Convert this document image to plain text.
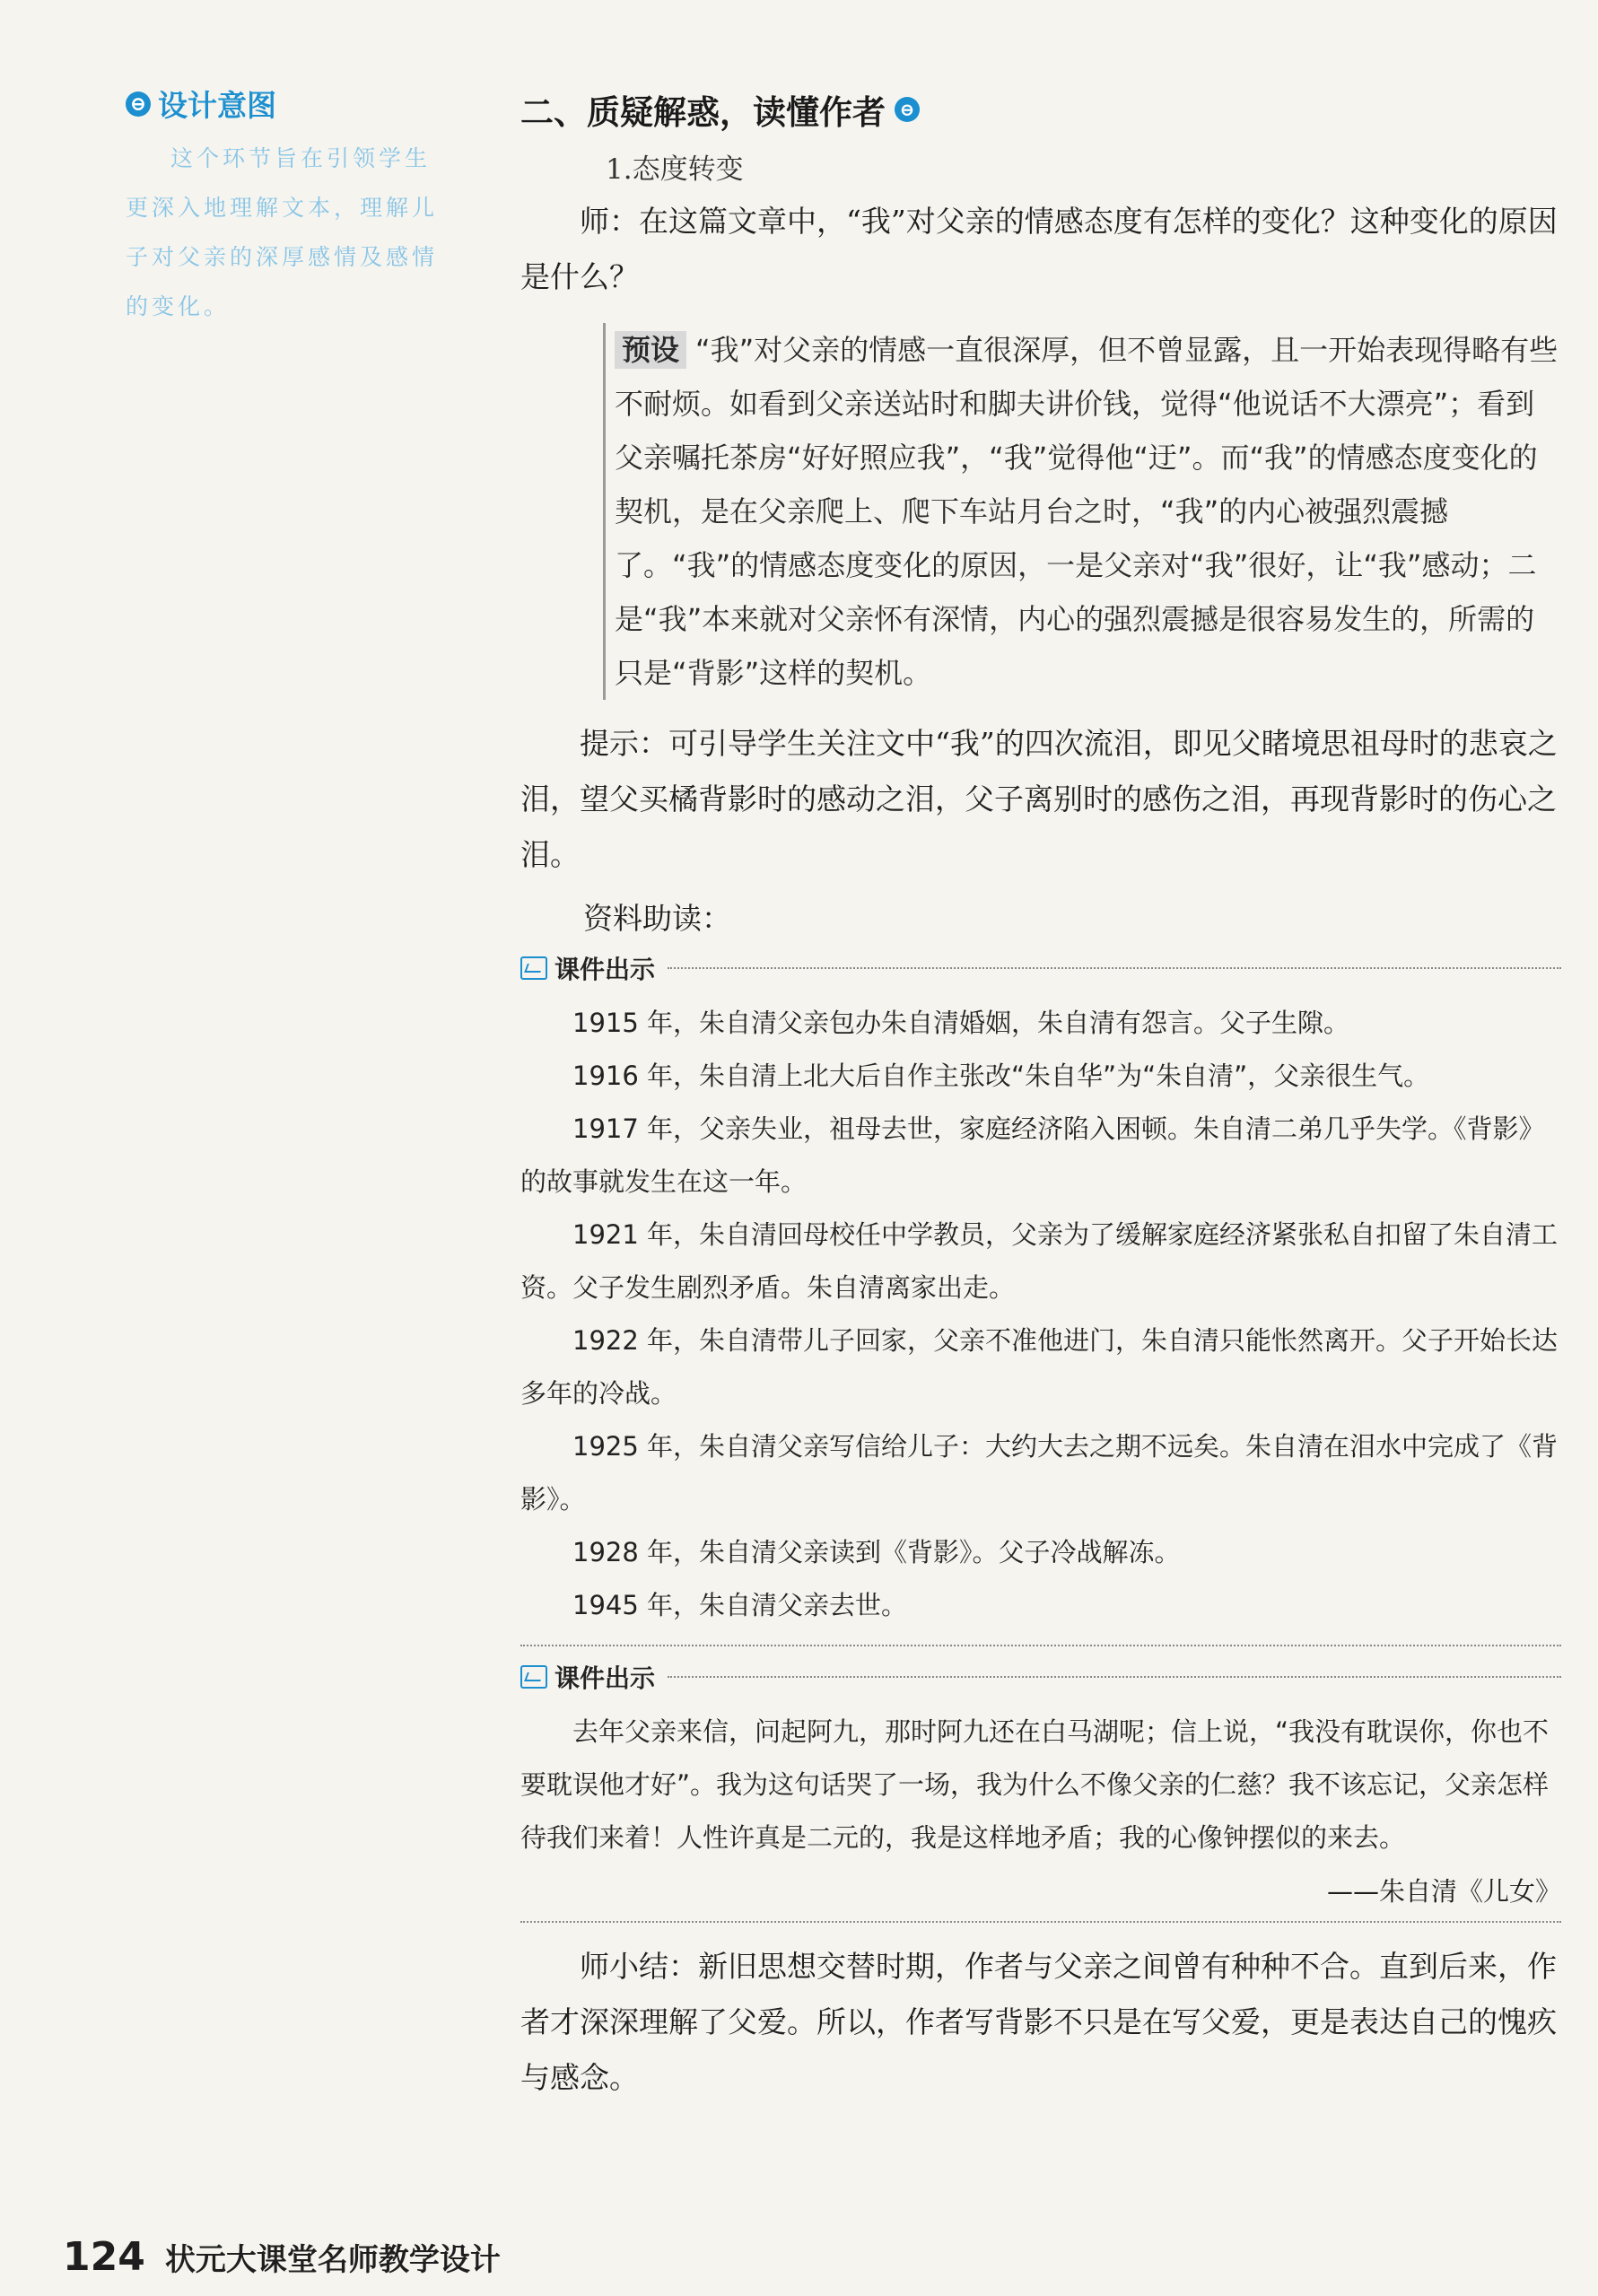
⊖ 设计意图
这个环节旨在引领学生更深入地理解文本，理解儿子对父亲的深厚感情及感情的变化。
二、质疑解惑，读懂作者 ⊖
1.态度转变

师：在这篇文章中，“我”对父亲的情感态度有怎样的变化？这种变化的原因是什么？

预设 “我”对父亲的情感一直很深厚，但不曾显露，且一开始表现得略有些不耐烦。如看到父亲送站时和脚夫讲价钱，觉得“他说话不大漂亮”；看到父亲嘱托茶房“好好照应我”，“我”觉得他“迂”。而“我”的情感态度变化的契机，是在父亲爬上、爬下车站月台之时，“我”的内心被强烈震撼了。“我”的情感态度变化的原因，一是父亲对“我”很好，让“我”感动；二是“我”本来就对父亲怀有深情，内心的强烈震撼是很容易发生的，所需的只是“背影”这样的契机。

提示：可引导学生关注文中“我”的四次流泪，即见父睹境思祖母时的悲哀之泪，望父买橘背影时的感动之泪，父子离别时的感伤之泪，再现背影时的伤心之泪。

资料助读：
课件出示

1915 年，朱自清父亲包办朱自清婚姻，朱自清有怨言。父子生隙。

1916 年，朱自清上北大后自作主张改“朱自华”为“朱自清”，父亲很生气。

1917 年，父亲失业，祖母去世，家庭经济陷入困顿。朱自清二弟几乎失学。《背影》的故事就发生在这一年。

1921 年，朱自清回母校任中学教员，父亲为了缓解家庭经济紧张私自扣留了朱自清工资。父子发生剧烈矛盾。朱自清离家出走。

1922 年，朱自清带儿子回家，父亲不准他进门，朱自清只能怅然离开。父子开始长达多年的冷战。

1925 年，朱自清父亲写信给儿子：大约大去之期不远矣。朱自清在泪水中完成了《背影》。

1928 年，朱自清父亲读到《背影》。父子冷战解冻。

1945 年，朱自清父亲去世。

课件出示

去年父亲来信，问起阿九，那时阿九还在白马湖呢；信上说，“我没有耽误你，你也不要耽误他才好”。我为这句话哭了一场，我为什么不像父亲的仁慈？我不该忘记，父亲怎样待我们来着！人性许真是二元的，我是这样地矛盾；我的心像钟摆似的来去。

——朱自清《儿女》

师小结：新旧思想交替时期，作者与父亲之间曾有种种不合。直到后来，作者才深深理解了父爱。所以，作者写背影不只是在写父爱，更是表达自己的愧疚与感念。

124 状元大课堂名师教学设计
